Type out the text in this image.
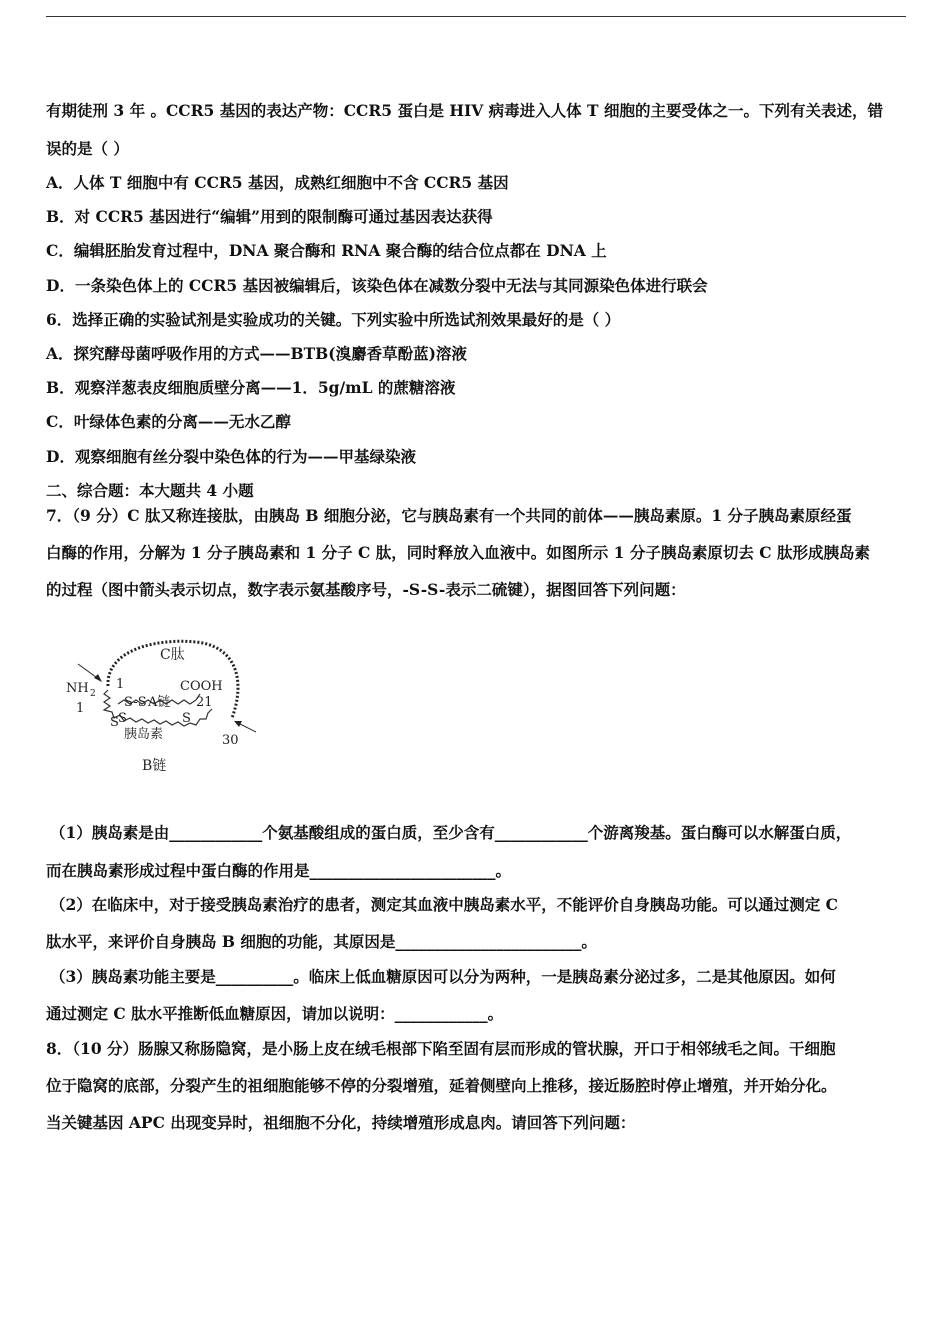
有期徒刑 3 年 。CCR5 基因的表达产物：CCR5 蛋白是 HIV 病毒进入人体 T 细胞的主要受体之一。下列有关表述，错
误的是（ ）
A．人体 T 细胞中有 CCR5 基因，成熟红细胞中不含 CCR5 基因
B．对 CCR5 基因进行“编辑”用到的限制酶可通过基因表达获得
C．编辑胚胎发育过程中，DNA 聚合酶和 RNA 聚合酶的结合位点都在 DNA 上
D．一条染色体上的 CCR5 基因被编辑后，该染色体在减数分裂中无法与其同源染色体进行联会
6．选择正确的实验试剂是实验成功的关键。下列实验中所选试剂效果最好的是（ ）
A．探究酵母菌呼吸作用的方式——BTB(溴麝香草酚蓝)溶液
B．观察洋葱表皮细胞质壁分离——1．5g/mL 的蔗糖溶液
C．叶绿体色素的分离——无水乙醇
D．观察细胞有丝分裂中染色体的行为——甲基绿染液
二、综合题：本大题共 4 小题
7．（9 分）C 肽又称连接肽，由胰岛 B 细胞分泌，它与胰岛素有一个共同的前体——胰岛素原。1 分子胰岛素原经蛋
白酶的作用，分解为 1 分子胰岛素和 1 分子 C 肽，同时释放入血液中。如图所示 1 分子胰岛素原切去 C 肽形成胰岛素
的过程（图中箭头表示切点，数字表示氨基酸序号，-S-S-表示二硫键），据图回答下列问题：
C肽
NH 2
1
1	COOH
21
30
S-S A链
S
S S
胰岛素
B链
（1）胰岛素是由____________个氨基酸组成的蛋白质，至少含有____________个游离羧基。蛋白酶可以水解蛋白质，
而在胰岛素形成过程中蛋白酶的作用是________________________。
（2）在临床中，对于接受胰岛素治疗的患者，测定其血液中胰岛素水平，不能评价自身胰岛功能。可以通过测定 C
肽水平，来评价自身胰岛 B 细胞的功能，其原因是________________________。
（3）胰岛素功能主要是__________。临床上低血糖原因可以分为两种，一是胰岛素分泌过多，二是其他原因。如何
通过测定 C 肽水平推断低血糖原因，请加以说明：____________。
8．（10 分）肠腺又称肠隐窝，是小肠上皮在绒毛根部下陷至固有层而形成的管状腺，开口于相邻绒毛之间。干细胞
位于隐窝的底部，分裂产生的祖细胞能够不停的分裂增殖，延着侧壁向上推移，接近肠腔时停止增殖，并开始分化。
当关键基因 APC 出现变异时，祖细胞不分化，持续增殖形成息肉。请回答下列问题：
